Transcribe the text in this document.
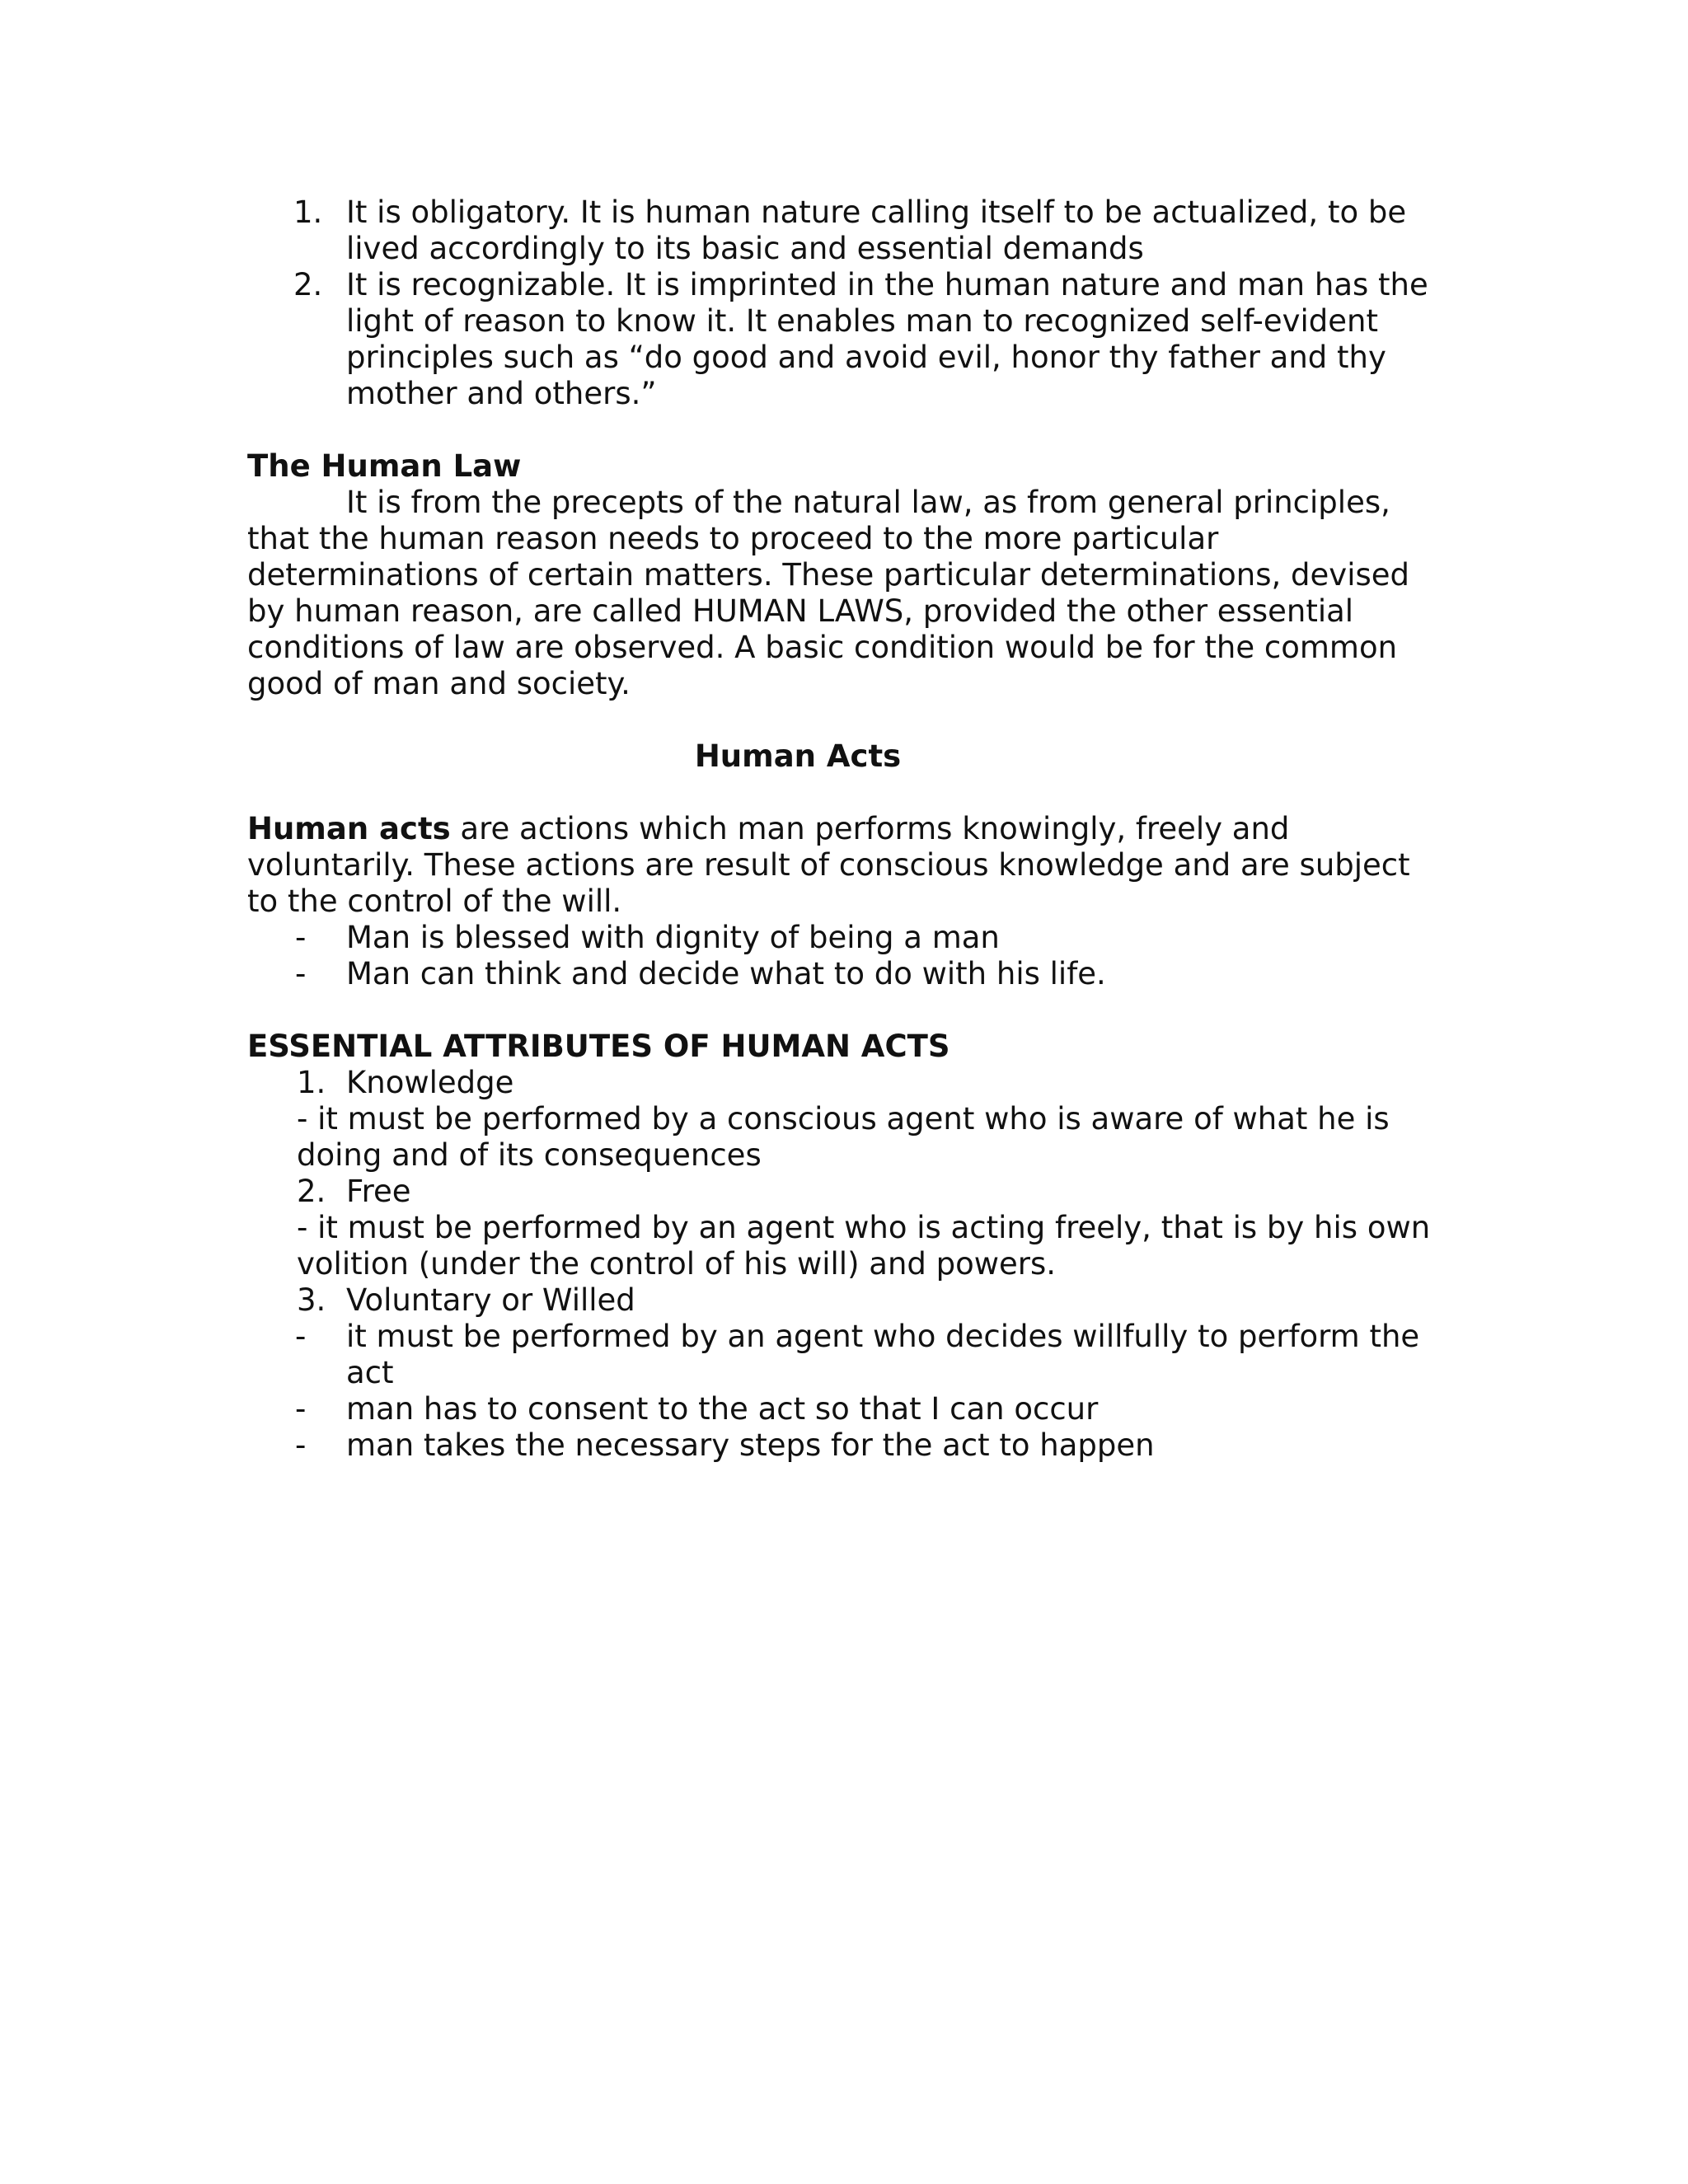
1. It is obligatory. It is human nature calling itself to be actualized, to be lived accordingly to its basic and essential demands

2. It is recognizable. It is imprinted in the human nature and man has the light of reason to know it. It enables man to recognized self-evident principles such as “do good and avoid evil, honor thy father and thy mother and others.”

The Human Law

It is from the precepts of the natural law, as from general principles, that the human reason needs to proceed to the more particular determinations of certain matters. These particular determinations, devised by human reason, are called HUMAN LAWS, provided the other essential conditions of law are observed. A basic condition would be for the common good of man and society.

Human Acts

Human acts are actions which man performs knowingly, freely and voluntarily. These actions are result of conscious knowledge and are subject to the control of the will.

- Man is blessed with dignity of being a man

- Man can think and decide what to do with his life.

ESSENTIAL ATTRIBUTES OF HUMAN ACTS

1. Knowledge

- it must be performed by a conscious agent who is aware of what he is doing and of its consequences

2. Free

- it must be performed by an agent who is acting freely, that is by his own volition (under the control of his will) and powers.

3. Voluntary or Willed

- it must be performed by an agent who decides willfully to perform the act

- man has to consent to the act so that I can occur

- man takes the necessary steps for the act to happen
